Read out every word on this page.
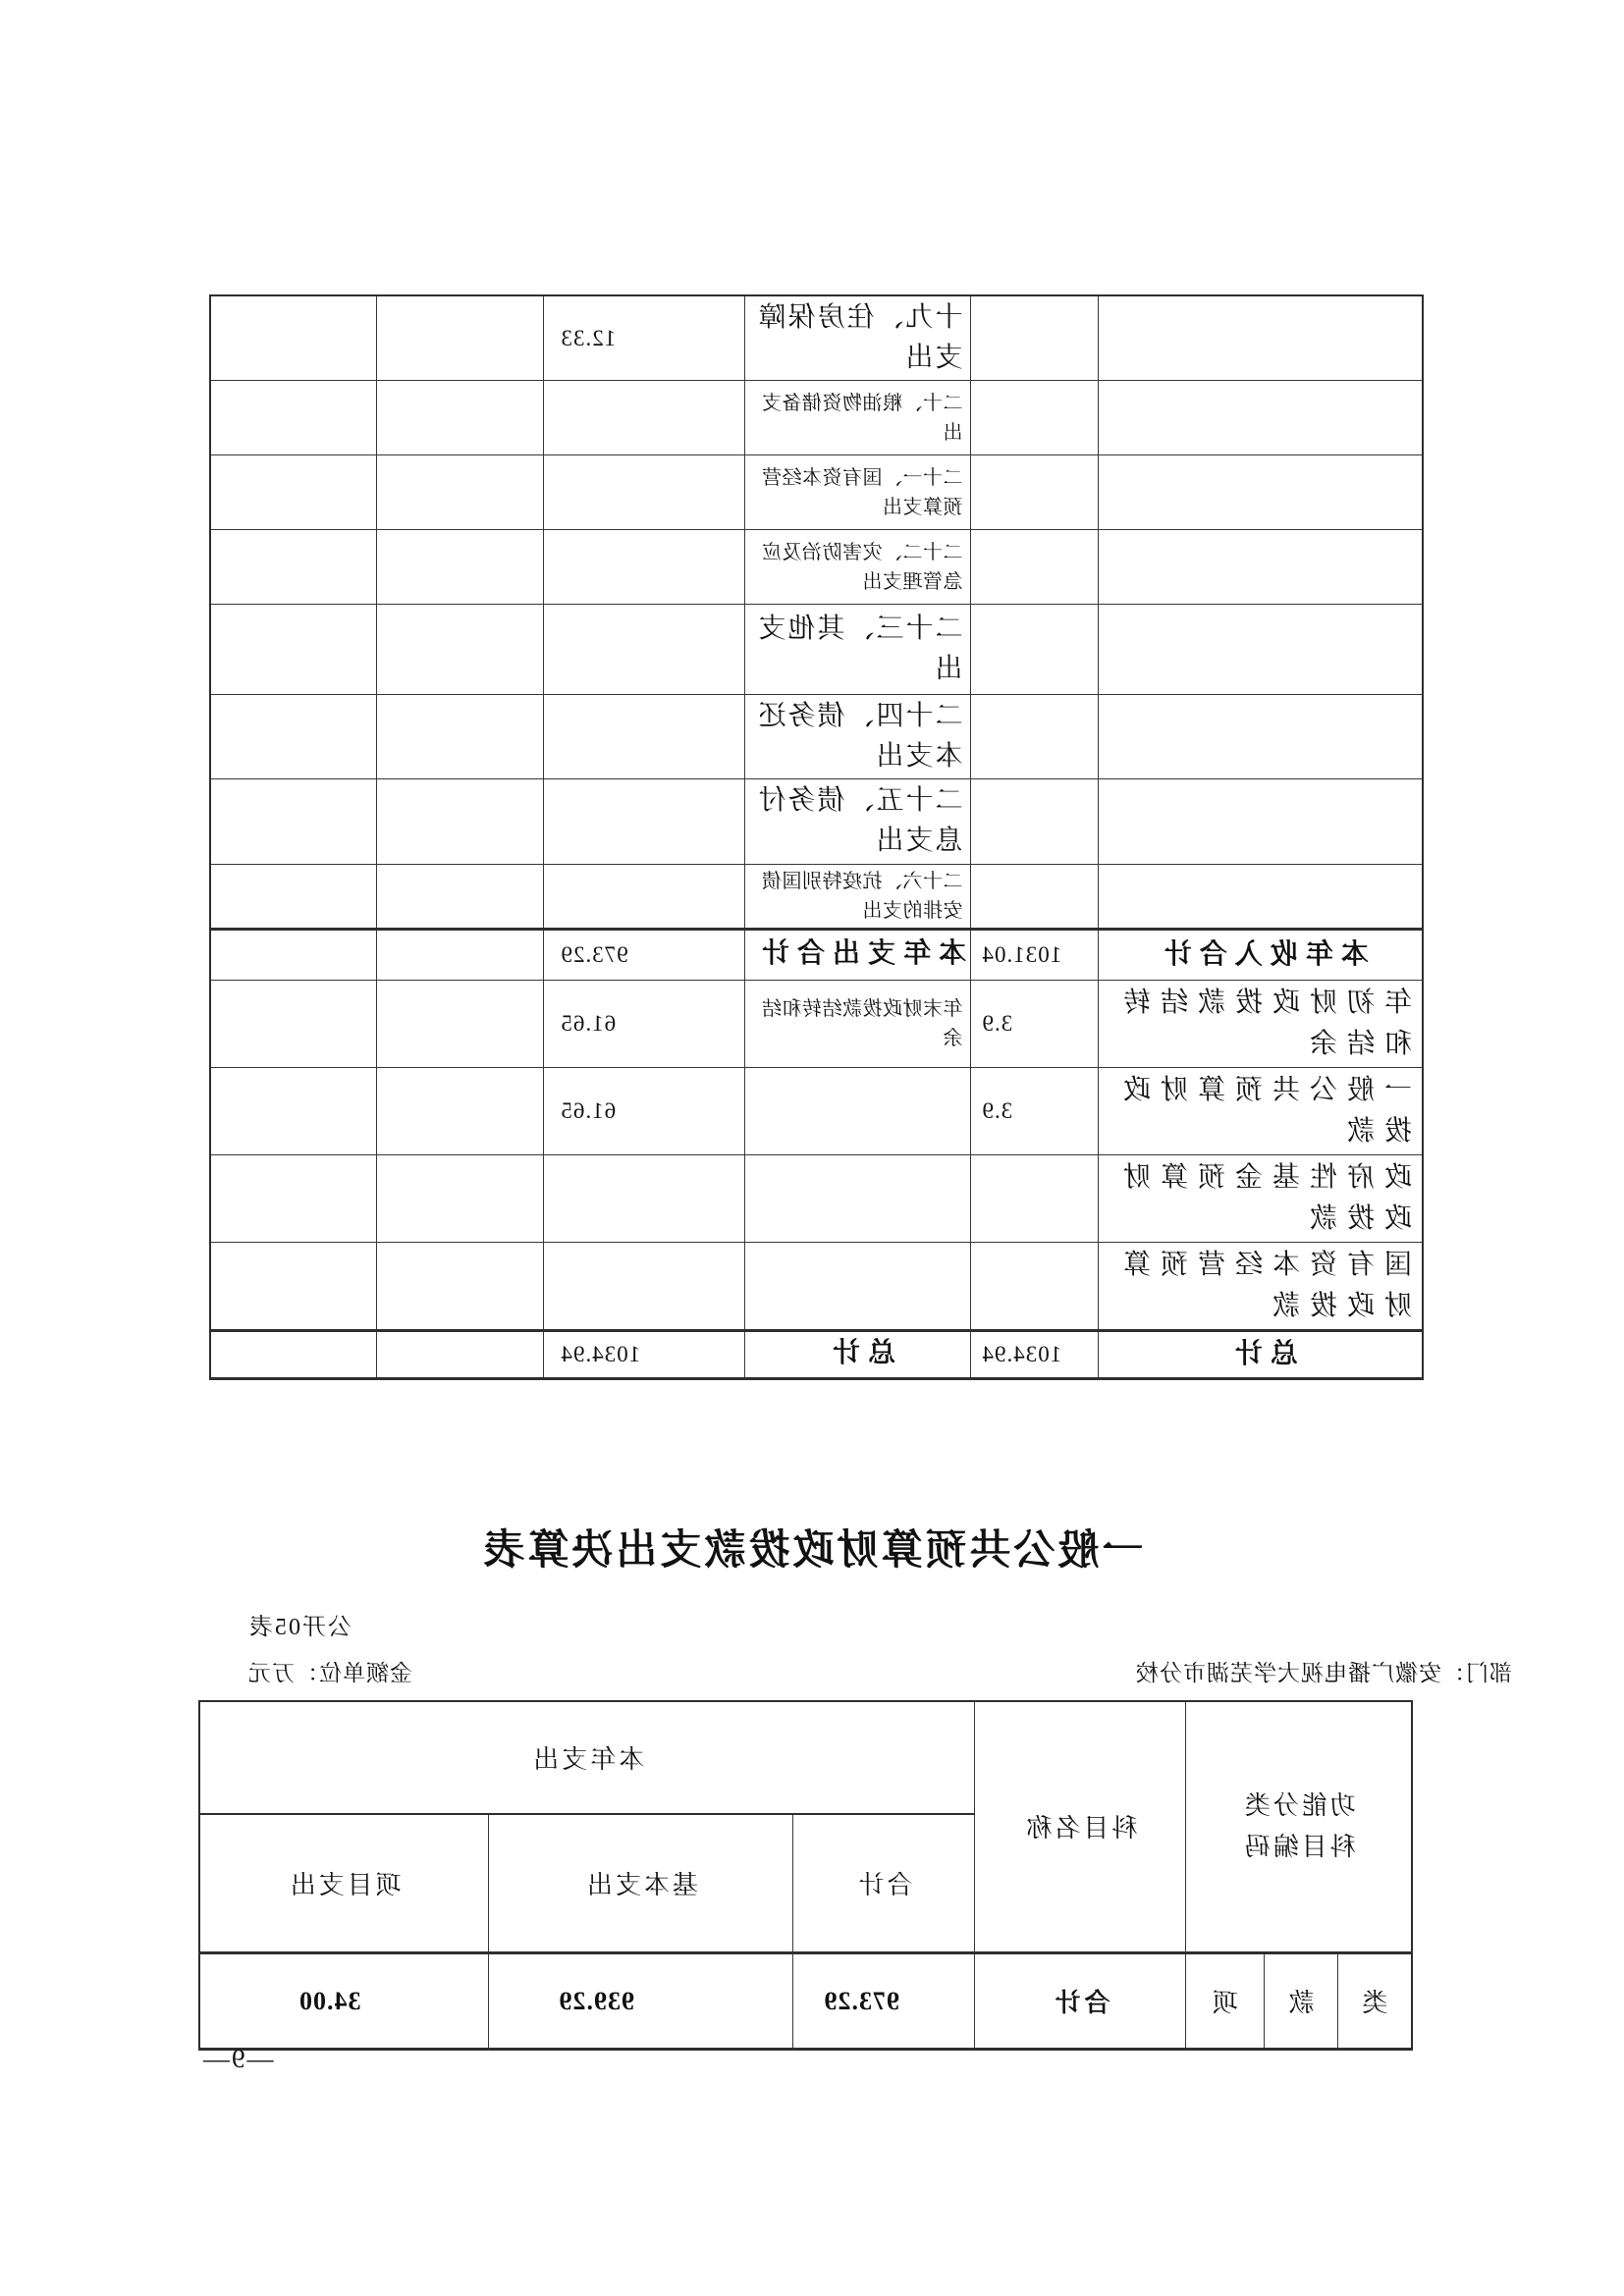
		十九、住房保障支出	12.33		
		二十、粮油物资储备支出			
		二十一、国有资本经营预算支出			
		二十二、灾害防治及应急管理支出			
		二十三、其他支出			
		二十四、债务还本支出			
		二十五、债务付息支出			
		二十六、抗疫特别国债安排的支出			
本年收入合计	1031.04	本年支出合计	973.29		
年初财政拨款结转和结余	3.9	年末财政拨款结转和结余	61.65		
一般公共预算财政拨款	3.9		61.65		
政府性基金预算财政拨款					
国有资本经营预算财政拨款					
总计	1034.94	总计	1034.94		
一般公共预算财政拨款支出决算表
公开05表
部门：安徽广播电视大学芜湖市分校
金额单位：万元
功能分类科目编码			科目名称	本年支出		
				合计	基本支出	项目支出
类	款	项	合计	973.29	939.29	34.00
—9—
